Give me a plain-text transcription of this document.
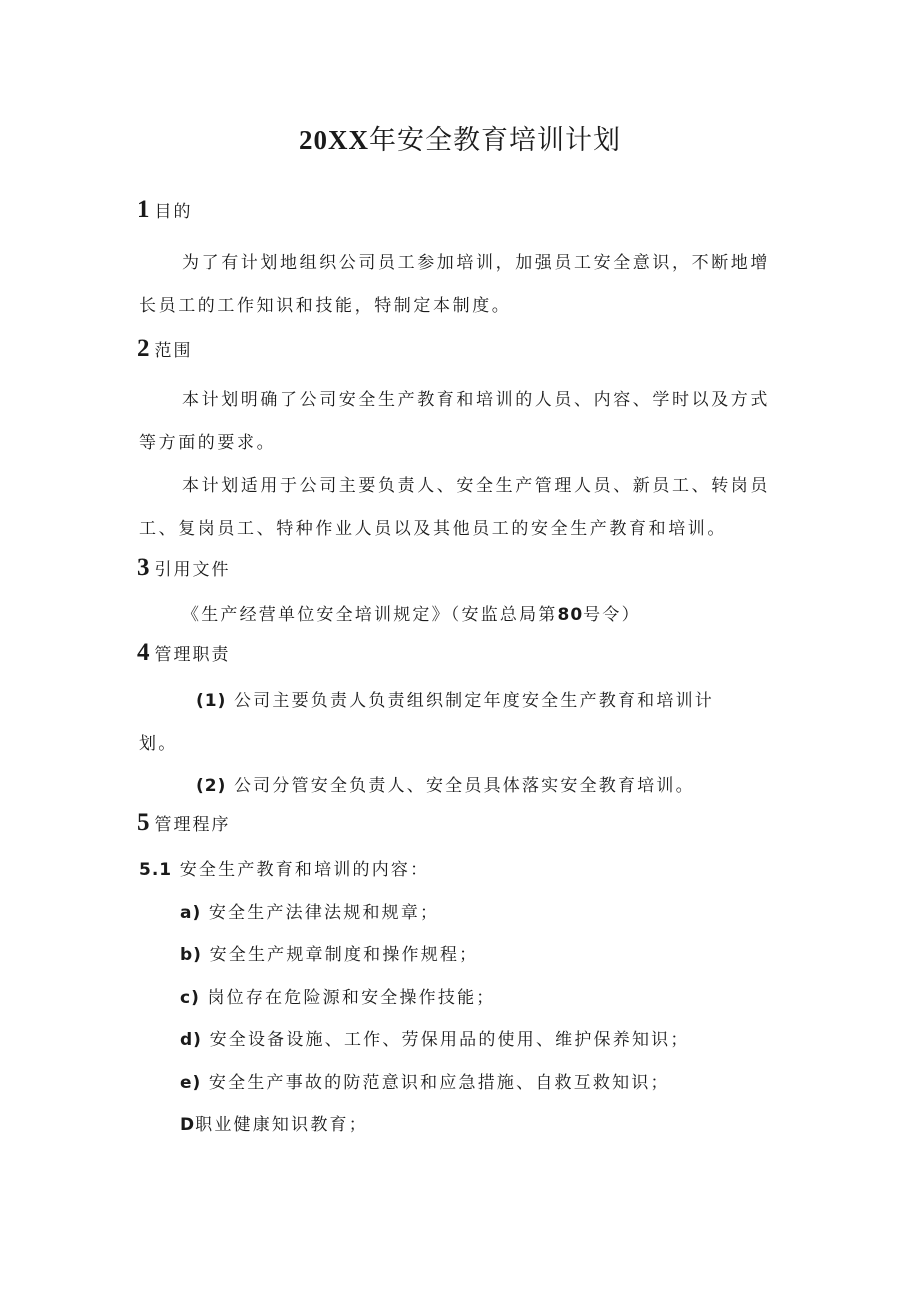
20XX年安全教育培训计划
1 目的
为了有计划地组织公司员工参加培训，加强员工安全意识，不断地增长员工的工作知识和技能，特制定本制度。
2 范围
本计划明确了公司安全生产教育和培训的人员、内容、学时以及方式等方面的要求。
本计划适用于公司主要负责人、安全生产管理人员、新员工、转岗员工、复岗员工、特种作业人员以及其他员工的安全生产教育和培训。
3 引用文件
《生产经营单位安全培训规定》（安监总局第80号令）
4 管理职责
(1) 公司主要负责人负责组织制定年度安全生产教育和培训计
划。
(2) 公司分管安全负责人、安全员具体落实安全教育培训。
5 管理程序
5.1 安全生产教育和培训的内容：
a) 安全生产法律法规和规章；
b) 安全生产规章制度和操作规程；
c) 岗位存在危险源和安全操作技能；
d) 安全设备设施、工作、劳保用品的使用、维护保养知识；
e) 安全生产事故的防范意识和应急措施、自救互救知识；
D职业健康知识教育；
